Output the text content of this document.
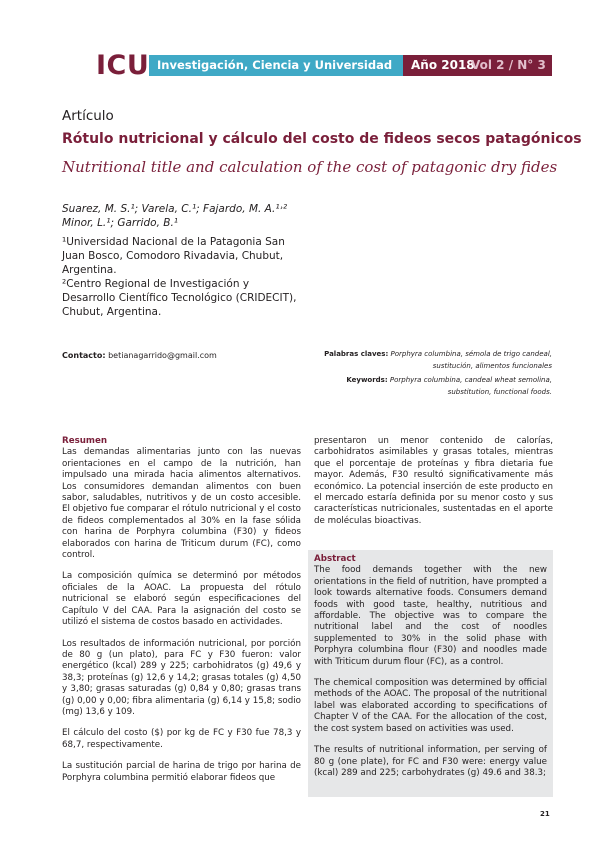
ICU Investigación, Ciencia y Universidad	Año 2018
Vol 2 / N° 3
Artículo
Rótulo nutricional y cálculo del costo de fideos secos patagónicos
Nutritional title and calculation of the cost of patagonic dry fides
Suarez, M. S.¹; Varela, C.¹; Fajardo, M. A.¹˒² Minor, L.¹; Garrido, B.¹
¹Universidad Nacional de la Patagonia San Juan Bosco, Comodoro Rivadavia, Chubut, Argentina.
²Centro Regional de Investigación y Desarrollo Científico Tecnológico (CRIDECIT), Chubut, Argentina.
Contacto: betianagarrido@gmail.com	Palabras claves: Porphyra columbina, sémola de trigo candeal,
sustitución, alimentos funcionales
Keywords: Porphyra columbina, candeal wheat semolina,
substitution, functional foods.
Resumen

Las demandas alimentarias junto con las nuevas orientaciones en el campo de la nutrición, han impulsado una mirada hacia alimentos alternativos. Los consumidores demandan alimentos con buen sabor, saludables, nutritivos y de un costo accesible. El objetivo fue comparar el rótulo nutricional y el costo de fideos complementados al 30% en la fase sólida con harina de Porphyra columbina (F30) y fideos elaborados con harina de Triticum durum (FC), como control.

La composición química se determinó por métodos oficiales de la AOAC. La propuesta del rótulo nutricional se elaboró según especificaciones del Capítulo V del CAA. Para la asignación del costo se utilizó el sistema de costos basado en actividades.

Los resultados de información nutricional, por porción de 80 g (un plato), para FC y F30 fueron: valor energético (kcal) 289 y 225; carbohidratos (g) 49,6 y 38,3; proteínas (g) 12,6 y 14,2; grasas totales (g) 4,50 y 3,80; grasas saturadas (g) 0,84 y 0,80; grasas trans (g) 0,00 y 0,00; fibra alimentaria (g) 6,14 y 15,8; sodio (mg) 13,6 y 109.

El cálculo del costo ($) por kg de FC y F30 fue 78,3 y 68,7, respectivamente.

La sustitución parcial de harina de trigo por harina de Porphyra columbina permitió elaborar fideos que

presentaron un menor contenido de calorías, carbohidratos asimilables y grasas totales, mientras que el porcentaje de proteínas y fibra dietaria fue mayor. Además, F30 resultó significativamente más económico. La potencial inserción de este producto en el mercado estaría definida por su menor costo y sus características nutricionales, sustentadas en el aporte de moléculas bioactivas.

Abstract

The food demands together with the new orientations in the field of nutrition, have prompted a look towards alternative foods. Consumers demand foods with good taste, healthy, nutritious and affordable. The objective was to compare the nutritional label and the cost of noodles supplemented to 30% in the solid phase with Porphyra columbina flour (F30) and noodles made with Triticum durum flour (FC), as a control.

The chemical composition was determined by official methods of the AOAC. The proposal of the nutritional label was elaborated according to specifications of Chapter V of the CAA. For the allocation of the cost, the cost system based on activities was used.

The results of nutritional information, per serving of 80 g (one plate), for FC and F30 were: energy value (kcal) 289 and 225; carbohydrates (g) 49.6 and 38.3;

21
